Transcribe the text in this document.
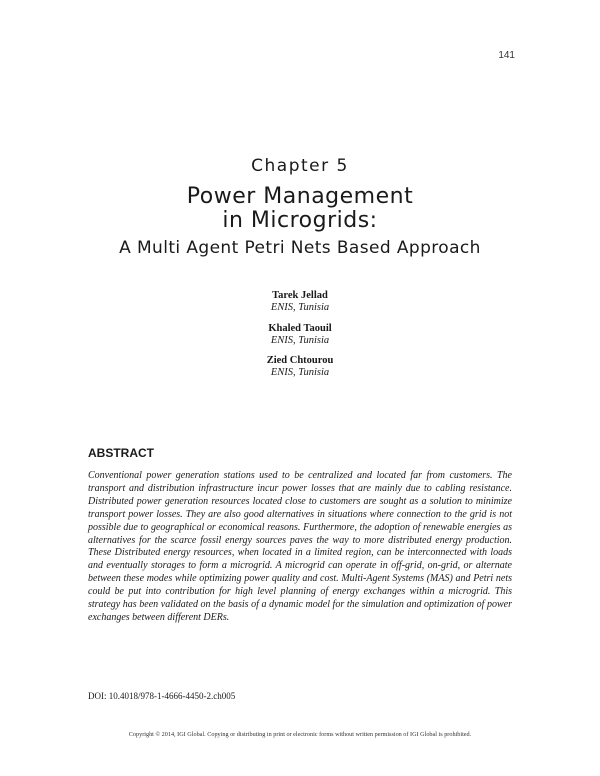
141
Chapter 5
Power Management
in Microgrids:
A Multi Agent Petri Nets Based Approach
Tarek Jellad
ENIS, Tunisia
Khaled Taouil
ENIS, Tunisia
Zied Chtourou
ENIS, Tunisia
ABSTRACT

Conventional power generation stations used to be centralized and located far from customers. The transport and distribution infrastructure incur power losses that are mainly due to cabling resistance. Distributed power generation resources located close to customers are sought as a solution to minimize transport power losses. They are also good alternatives in situations where connection to the grid is not possible due to geographical or economical reasons. Furthermore, the adoption of renewable energies as alternatives for the scarce fossil energy sources paves the way to more distributed energy production. These Distributed energy resources, when located in a limited region, can be interconnected with loads and eventually storages to form a microgrid. A microgrid can operate in off-grid, on-grid, or alternate between these modes while optimizing power quality and cost. Multi-Agent Systems (MAS) and Petri nets could be put into contribution for high level planning of energy exchanges within a microgrid. This strategy has been validated on the basis of a dynamic model for the simulation and optimization of power exchanges between different DERs.

DOI: 10.4018/978-1-4666-4450-2.ch005
Copyright © 2014, IGI Global. Copying or distributing in print or electronic forms without written permission of IGI Global is prohibited.
